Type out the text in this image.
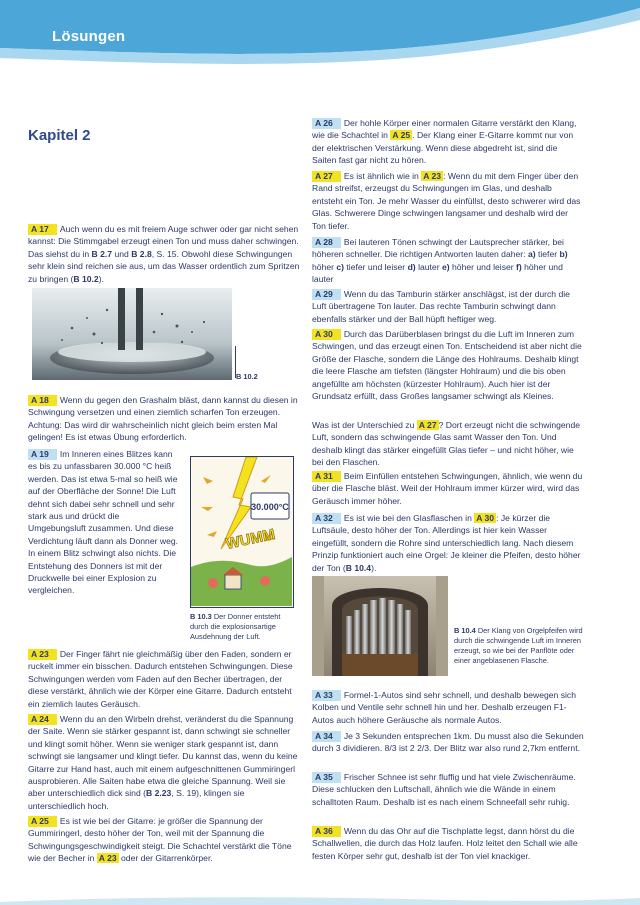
Lösungen
Kapitel 2
A 17 Auch wenn du es mit freiem Auge schwer oder gar nicht sehen kannst: Die Stimmgabel erzeugt einen Ton und muss daher schwingen. Das siehst du in B 2.7 und B 2.8, S. 15. Obwohl diese Schwingungen sehr klein sind reichen sie aus, um das Wasser ordentlich zum Spritzen zu bringen (B 10.2).
B 10.2
A 18 Wenn du gegen den Grashalm bläst, dann kannst du diesen in Schwingung versetzen und einen ziemlich scharfen Ton erzeugen. Achtung: Das wird dir wahrscheinlich nicht gleich beim ersten Mal gelingen! Es ist etwas Übung erforderlich.
A 19 Im Inneren eines Blitzes kann es bis zu unfassbaren 30.000 °C heiß werden. Das ist etwa 5-mal so heiß wie auf der Oberfläche der Sonne! Die Luft dehnt sich dabei sehr schnell und sehr stark aus und drückt die Umgebungsluft zusammen. Und diese Verdichtung läuft dann als Donner weg. In einem Blitz schwingt also nichts. Die Entstehung des Donners ist mit der Druckwelle bei einer Explosion zu vergleichen.
30.000°C
WUMM
B 10.3 Der Donner entsteht durch die explosionsartige Ausdehnung der Luft.
A 23 Der Finger fährt nie gleichmäßig über den Faden, sondern er ruckelt immer ein bisschen. Dadurch entstehen Schwingungen. Diese Schwingungen werden vom Faden auf den Becher übertragen, der diese verstärkt, ähnlich wie der Körper eine Gitarre. Dadurch entsteht ein ziemlich lautes Geräusch.
A 24 Wenn du an den Wirbeln drehst, veränderst du die Spannung der Saite. Wenn sie stärker gespannt ist, dann schwingt sie schneller und klingt somit höher. Wenn sie weniger stark gespannt ist, dann schwingt sie langsamer und klingt tiefer. Du kannst das, wenn du keine Gitarre zur Hand hast, auch mit einem aufgeschnittenen Gummiringerl ausprobieren. Alle Saiten habe etwa die gleiche Spannung. Weil sie aber unterschiedlich dick sind (B 2.23, S. 19), klingen sie unterschiedlich hoch.
A 25 Es ist wie bei der Gitarre: je größer die Spannung der Gummiringerl, desto höher der Ton, weil mit der Spannung die Schwingungsgeschwindigkeit steigt. Die Schachtel verstärkt die Töne wie der Becher in A 23 oder der Gitarrenkörper.
A 26 Der hohle Körper einer normalen Gitarre verstärkt den Klang, wie die Schachtel in A 25 . Der Klang einer E-Gitarre kommt nur von der elektrischen Verstärkung. Wenn diese abgedreht ist, sind die Saiten fast gar nicht zu hören.
A 27 Es ist ähnlich wie in A 23 : Wenn du mit dem Finger über den Rand streifst, erzeugst du Schwingungen im Glas, und deshalb entsteht ein Ton. Je mehr Wasser du einfüllst, desto schwerer wird das Glas. Schwerere Dinge schwingen langsamer und deshalb wird der Ton tiefer.
A 28 Bei lauteren Tönen schwingt der Lautsprecher stärker, bei höheren schneller. Die richtigen Antworten lauten daher: a) tiefer b) höher c) tiefer und leiser d) lauter e) höher und leiser f) höher und lauter
A 29 Wenn du das Tamburin stärker anschlägst, ist der durch die Luft übertragene Ton lauter. Das rechte Tamburin schwingt dann ebenfalls stärker und der Ball hüpft heftiger weg.
A 30 Durch das Darüberblasen bringst du die Luft im Inneren zum Schwingen, und das erzeugt einen Ton. Entscheidend ist aber nicht die Größe der Flasche, sondern die Länge des Hohlraums. Deshalb klingt die leere Flasche am tiefsten (längster Hohlraum) und die bis oben angefüllte am höchsten (kürzester Hohlraum). Auch hier ist der Grundsatz erfüllt, dass Großes langsamer schwingt als Kleines.
Was ist der Unterschied zu A 27 ? Dort erzeugt nicht die schwingende Luft, sondern das schwingende Glas samt Wasser den Ton. Und deshalb klingt das stärker eingefüllt Glas tiefer – und nicht höher, wie bei den Flaschen.
A 31 Beim Einfüllen entstehen Schwingungen, ähnlich, wie wenn du über die Flasche bläst. Weil der Hohlraum immer kürzer wird, wird das Geräusch immer höher.
A 32 Es ist wie bei den Glasflaschen in A 30 : Je kürzer die Luftsäule, desto höher der Ton. Allerdings ist hier kein Wasser eingefüllt, sondern die Rohre sind unterschiedlich lang. Nach diesem Prinzip funktioniert auch eine Orgel: Je kleiner die Pfeifen, desto höher der Ton (B 10.4).
B 10.4 Der Klang von Orgelpfeifen wird durch die schwingende Luft im Inneren erzeugt, so wie bei der Panflöte oder einer angeblasenen Flasche.
A 33 Formel-1-Autos sind sehr schnell, und deshalb bewegen sich Kolben und Ventile sehr schnell hin und her. Deshalb erzeugen F1-Autos auch höhere Geräusche als normale Autos.
A 34 Je 3 Sekunden entsprechen 1km. Du musst also die Sekunden durch 3 dividieren. 8/3 ist 2 2/3. Der Blitz war also rund 2,7km entfernt.
A 35 Frischer Schnee ist sehr fluffig und hat viele Zwischenräume. Diese schlucken den Luftschall, ähnlich wie die Wände in einem schalltoten Raum. Deshalb ist es nach einem Schneefall sehr ruhig.
A 36 Wenn du das Ohr auf die Tischplatte legst, dann hörst du die Schallwellen, die durch das Holz laufen. Holz leitet den Schall wie alle festen Körper sehr gut, deshalb ist der Ton viel knackiger.
